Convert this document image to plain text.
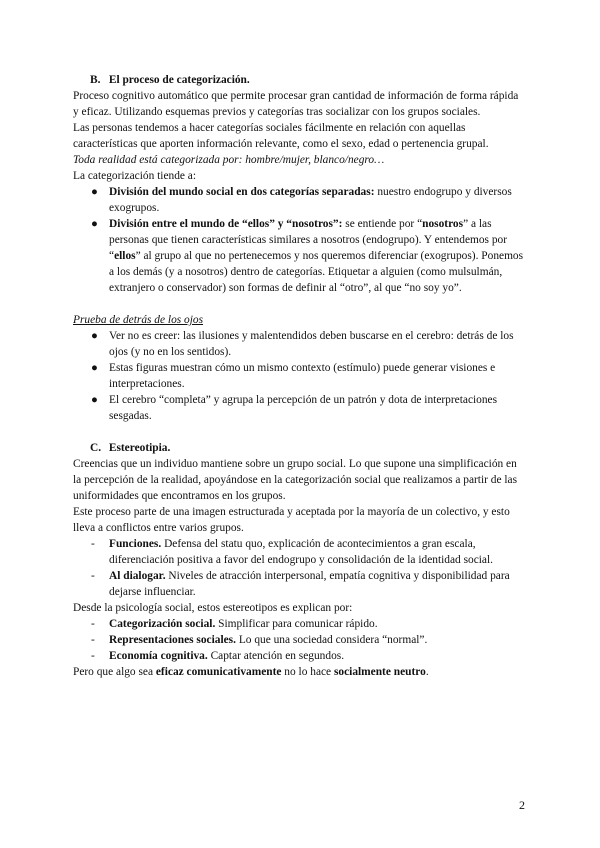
B. El proceso de categorización.

Proceso cognitivo automático que permite procesar gran cantidad de información de forma rápida y eficaz. Utilizando esquemas previos y categorías tras socializar con los grupos sociales.

Las personas tendemos a hacer categorías sociales fácilmente en relación con aquellas características que aporten información relevante, como el sexo, edad o pertenencia grupal.

Toda realidad está categorizada por: hombre/mujer, blanco/negro…

La categorización tiende a:

● División del mundo social en dos categorías separadas: nuestro endogrupo y diversos exogrupos.
● División entre el mundo de “ellos” y “nosotros”: se entiende por “nosotros” a las personas que tienen características similares a nosotros (endogrupo). Y entendemos por “ellos” al grupo al que no pertenecemos y nos queremos diferenciar (exogrupos). Ponemos a los demás (y a nosotros) dentro de categorías. Etiquetar a alguien (como mulsulmán, extranjero o conservador) son formas de definir al “otro”, al que “no soy yo”.

Prueba de detrás de los ojos

● Ver no es creer: las ilusiones y malentendidos deben buscarse en el cerebro: detrás de los ojos (y no en los sentidos).
● Estas figuras muestran cómo un mismo contexto (estímulo) puede generar visiones e interpretaciones.
● El cerebro “completa” y agrupa la percepción de un patrón y dota de interpretaciones sesgadas.

C. Estereotipia.

Creencias que un individuo mantiene sobre un grupo social. Lo que supone una simplificación en la percepción de la realidad, apoyándose en la categorización social que realizamos a partir de las uniformidades que encontramos en los grupos.

Este proceso parte de una imagen estructurada y aceptada por la mayoría de un colectivo, y esto lleva a conflictos entre varios grupos.

- Funciones. Defensa del statu quo, explicación de acontecimientos a gran escala, diferenciación positiva a favor del endogrupo y consolidación de la identidad social.
- Al dialogar. Niveles de atracción interpersonal, empatía cognitiva y disponibilidad para dejarse influenciar.

Desde la psicología social, estos estereotipos es explican por:

- Categorización social. Simplificar para comunicar rápido.
- Representaciones sociales. Lo que una sociedad considera “normal”.
- Economía cognitiva. Captar atención en segundos.

Pero que algo sea eficaz comunicativamente no lo hace socialmente neutro.

2
